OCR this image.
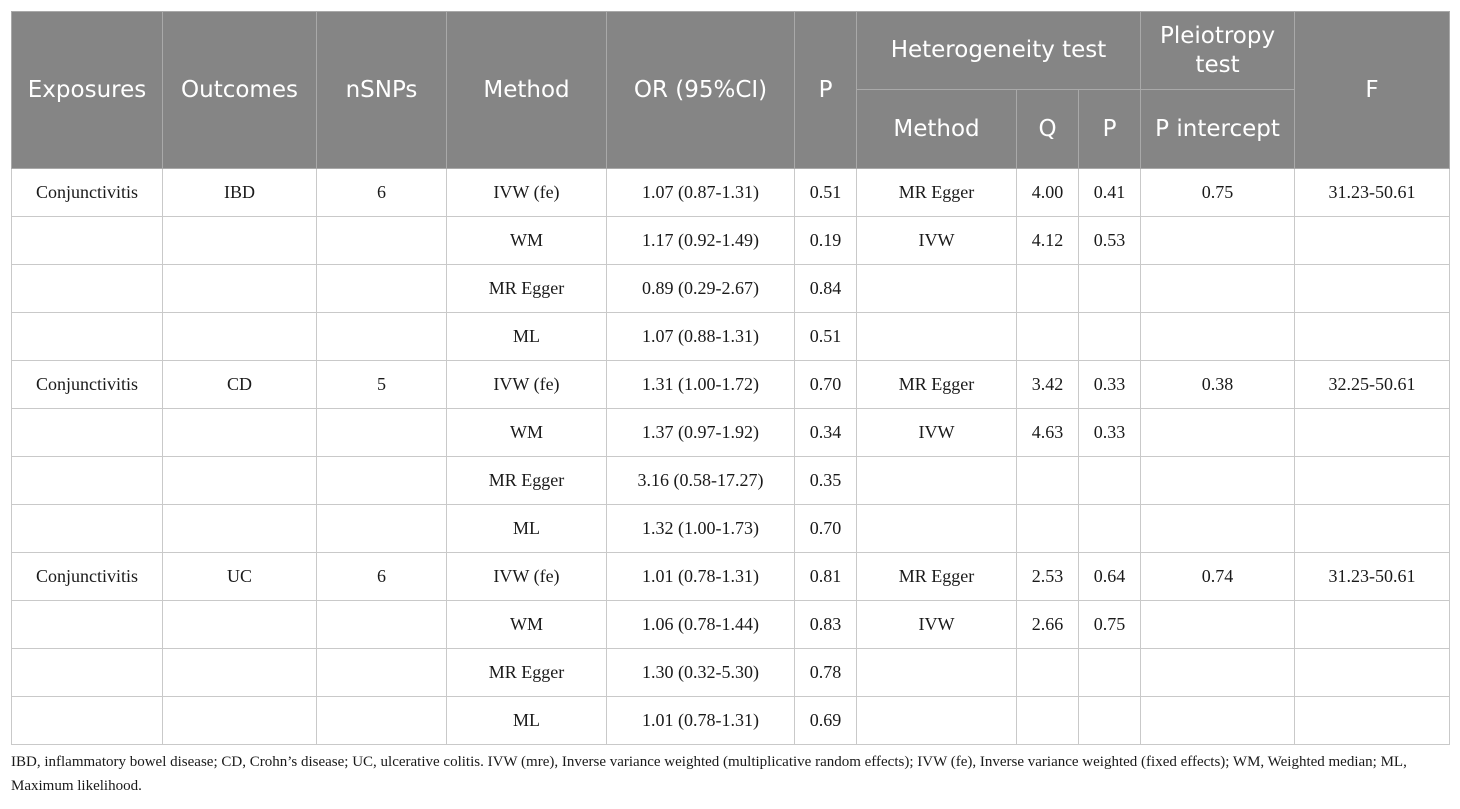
Exposures	Outcomes	nSNPs	Method	OR (95%CI)	P	Heterogeneity test			Pleiotropy test	F
						Method	Q	P	P intercept	
Conjunctivitis	IBD	6	IVW (fe)	1.07 (0.87-1.31)	0.51	MR Egger	4.00	0.41	0.75	31.23-50.61
			WM	1.17 (0.92-1.49)	0.19	IVW	4.12	0.53		
			MR Egger	0.89 (0.29-2.67)	0.84					
			ML	1.07 (0.88-1.31)	0.51					
Conjunctivitis	CD	5	IVW (fe)	1.31 (1.00-1.72)	0.70	MR Egger	3.42	0.33	0.38	32.25-50.61
			WM	1.37 (0.97-1.92)	0.34	IVW	4.63	0.33		
			MR Egger	3.16 (0.58-17.27)	0.35					
			ML	1.32 (1.00-1.73)	0.70					
Conjunctivitis	UC	6	IVW (fe)	1.01 (0.78-1.31)	0.81	MR Egger	2.53	0.64	0.74	31.23-50.61
			WM	1.06 (0.78-1.44)	0.83	IVW	2.66	0.75		
			MR Egger	1.30 (0.32-5.30)	0.78					
			ML	1.01 (0.78-1.31)	0.69					
IBD, inflammatory bowel disease; CD, Crohn’s disease; UC, ulcerative colitis. IVW (mre), Inverse variance weighted (multiplicative random effects); IVW (fe), Inverse variance weighted (fixed effects); WM, Weighted median; ML, Maximum likelihood.
